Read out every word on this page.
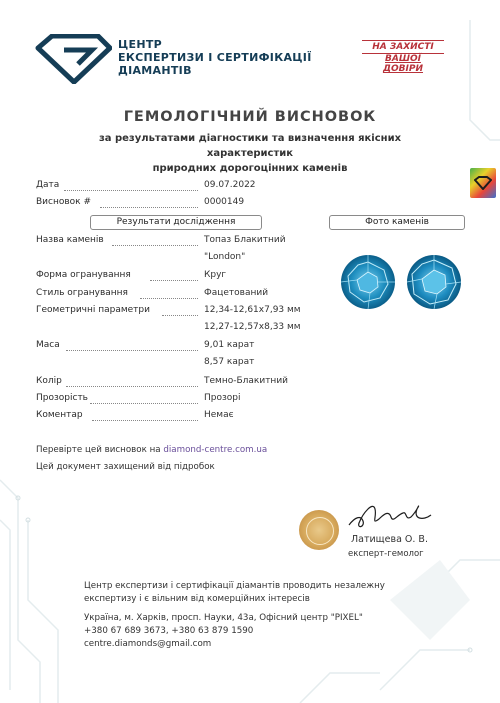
ЦЕНТР
ЕКСПЕРТИЗИ І СЕРТИФІКАЦІЇ
ДІАМАНТІВ
НА ЗАХИСТІ
ВАШОЇ
ДОВІРИ
ГЕМОЛОГІЧНИЙ ВИСНОВОК
за результатами діагностики та визначення якісних характеристик
природних дорогоцінних каменів
Дата	09.07.2022
Висновок #	0000149
Результати дослідження	Фото каменів
Назва каменів	Топаз Блакитний
"London"
Форма огранування	Круг
Стиль огранування	Фацетований
Геометричні параметри	12,34-12,61x7,93 мм
12,27-12,57x8,33 мм
Маса	9,01 карат
8,57 карат
Колір	Темно-Блакитний
Прозорість	Прозорі
Коментар	Немає
Перевірте цей висновок на diamond-centre.com.ua
Цей документ захищений від підробок
Латищева О. В.
експерт-гемолог
Центр експертизи і сертифікації діамантів проводить незалежну
експертизу і є вільним від комерційних інтересів
Україна, м. Харків, просп. Науки, 43а, Офісний центр "PIXEL"
+380 67 689 3673, +380 63 879 1590
centre.diamonds@gmail.com
